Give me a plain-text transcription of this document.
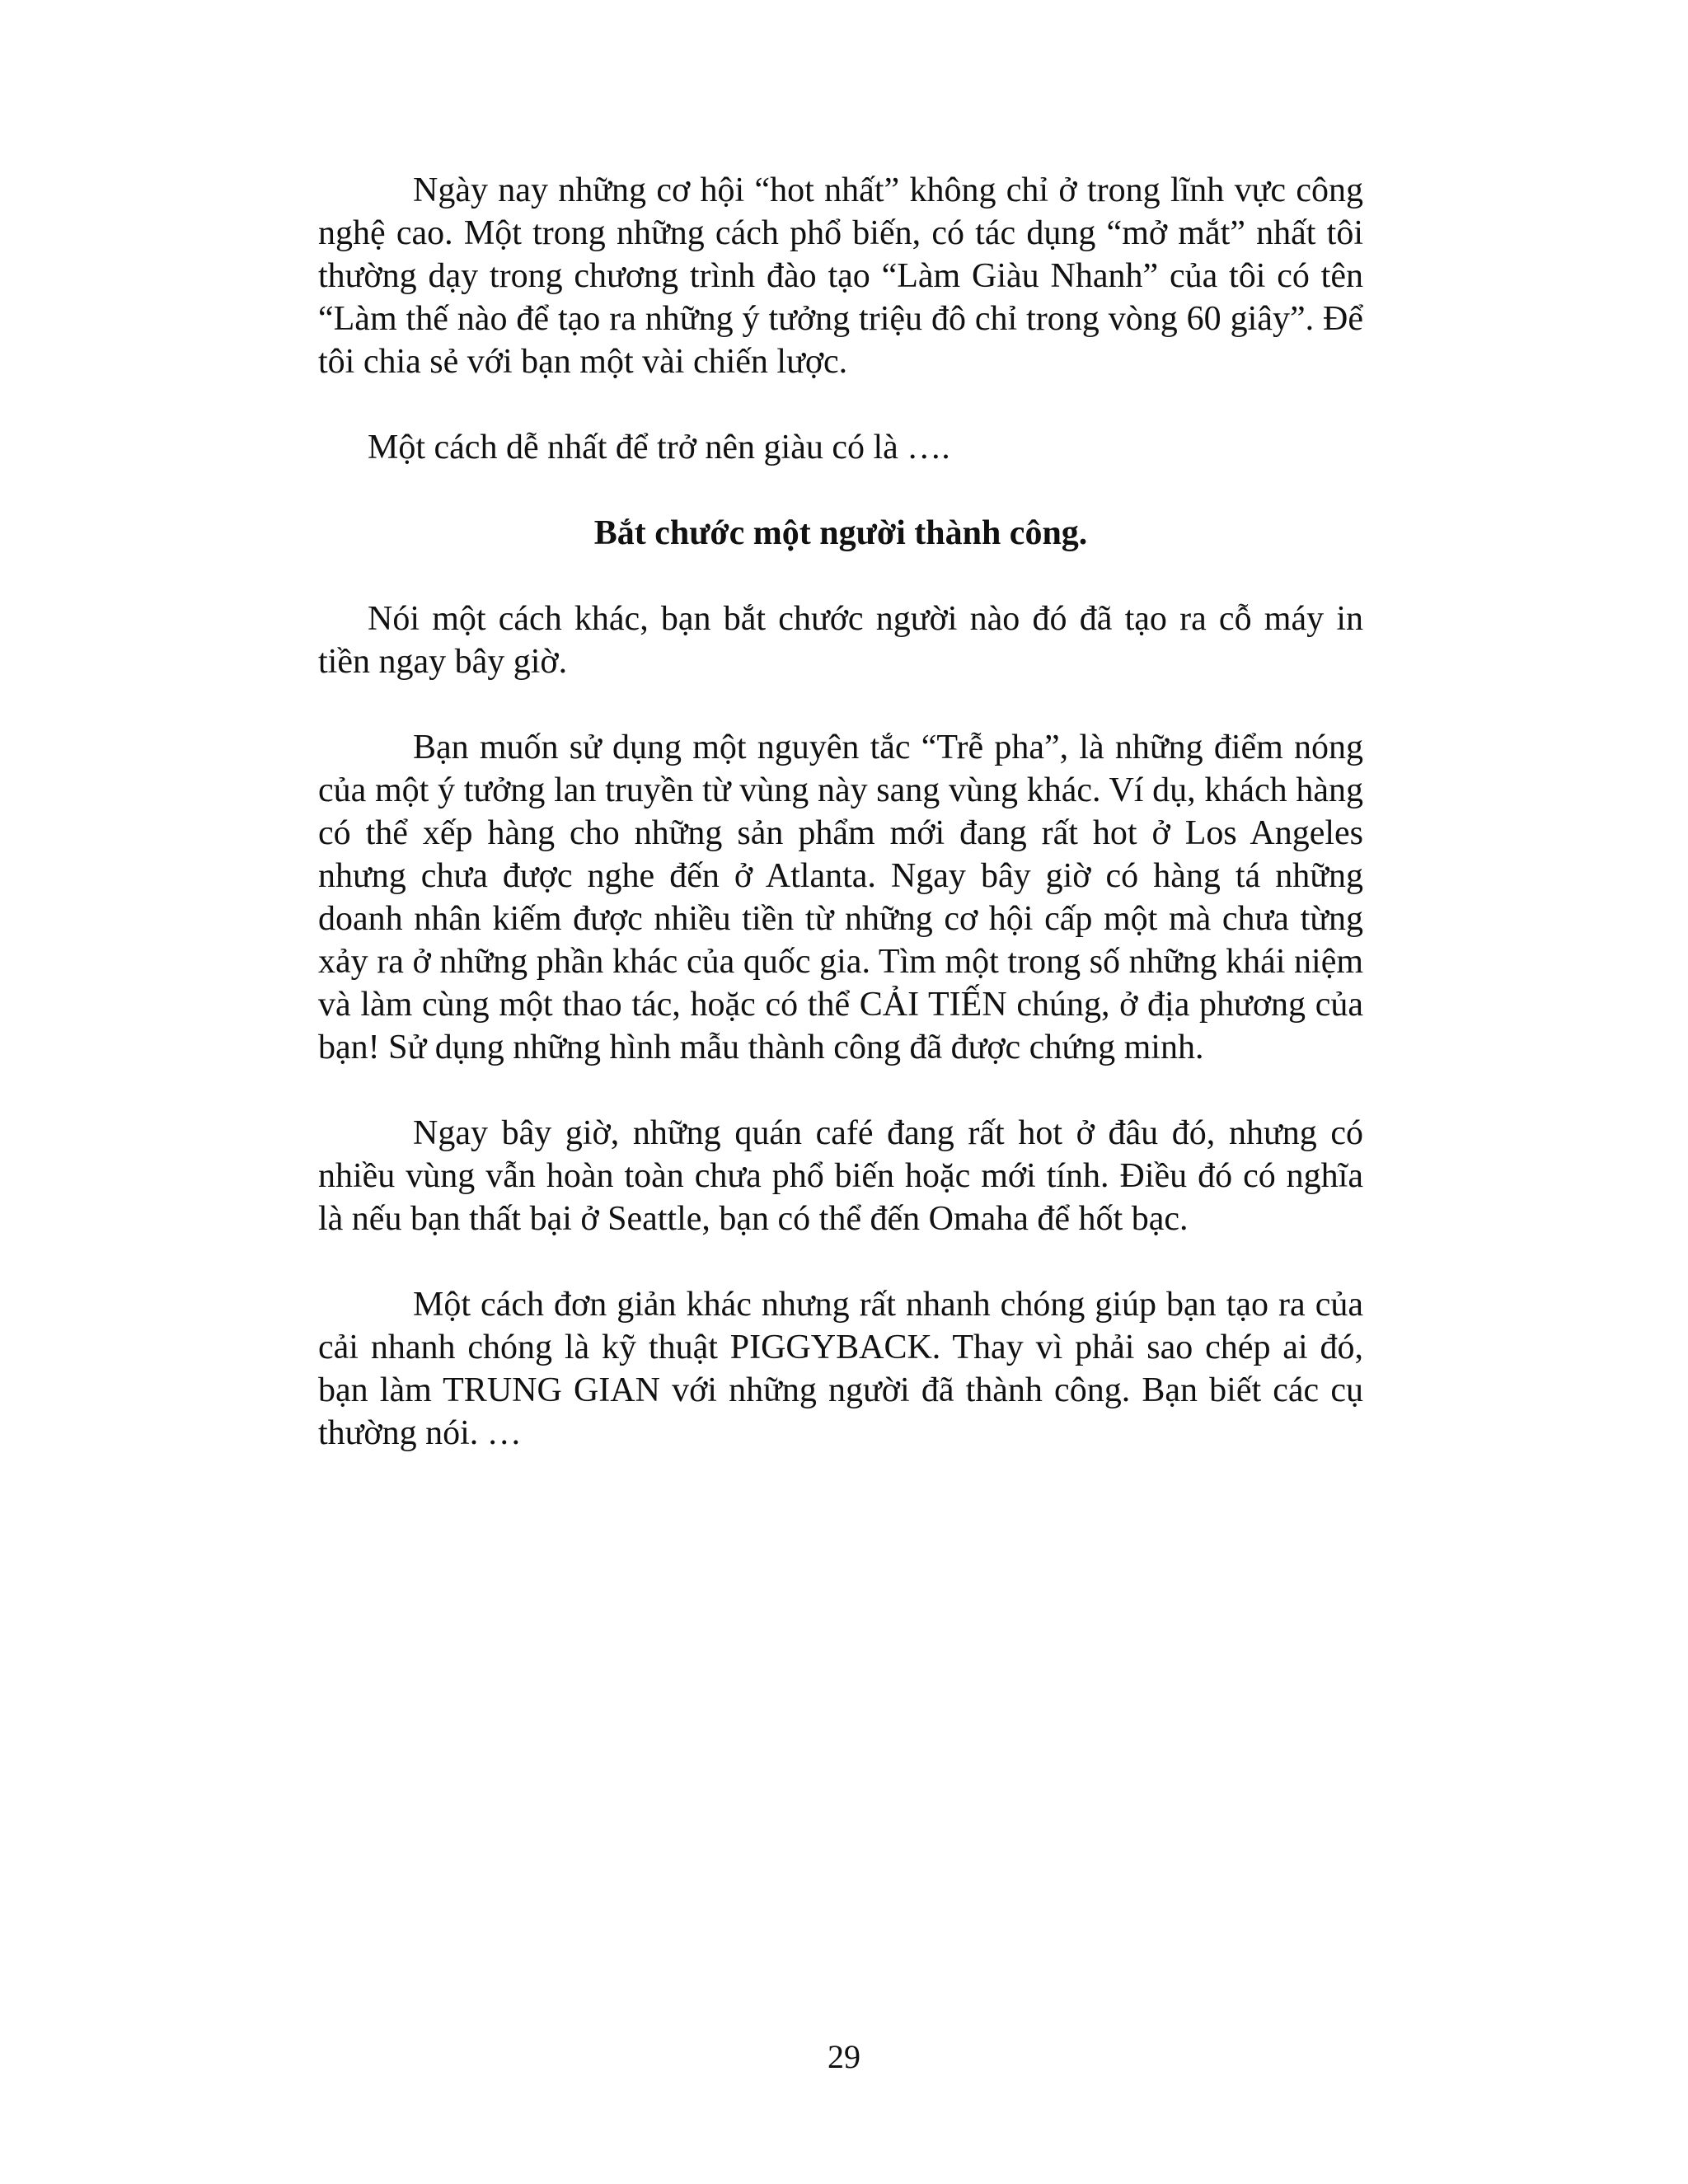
Ngày nay những cơ hội “hot nhất” không chỉ ở trong lĩnh vực công nghệ cao. Một trong những cách phổ biến, có tác dụng “mở mắt” nhất tôi thường dạy trong chương trình đào tạo “Làm Giàu Nhanh” của tôi có tên “Làm thế nào để tạo ra những ý tưởng triệu đô chỉ trong vòng 60 giây”. Để tôi chia sẻ với bạn một vài chiến lược.

Một cách dễ nhất để trở nên giàu có là ….

Bắt chước một người thành công.

Nói một cách khác, bạn bắt chước người nào đó đã tạo ra cỗ máy in tiền ngay bây giờ.

Bạn muốn sử dụng một nguyên tắc “Trễ pha”, là những điểm nóng của một ý tưởng lan truyền từ vùng này sang vùng khác. Ví dụ, khách hàng có thể xếp hàng cho những sản phẩm mới đang rất hot ở Los Angeles nhưng chưa được nghe đến ở Atlanta. Ngay bây giờ có hàng tá những doanh nhân kiếm được nhiều tiền từ những cơ hội cấp một mà chưa từng xảy ra ở những phần khác của quốc gia. Tìm một trong số những khái niệm và làm cùng một thao tác, hoặc có thể CẢI TIẾN chúng, ở địa phương của bạn! Sử dụng những hình mẫu thành công đã được chứng minh.

Ngay bây giờ, những quán café đang rất hot ở đâu đó, nhưng có nhiều vùng vẫn hoàn toàn chưa phổ biến hoặc mới tính. Điều đó có nghĩa là nếu bạn thất bại ở Seattle, bạn có thể đến Omaha để hốt bạc.

Một cách đơn giản khác nhưng rất nhanh chóng giúp bạn tạo ra của cải nhanh chóng là kỹ thuật PIGGYBACK. Thay vì phải sao chép ai đó, bạn làm TRUNG GIAN với những người đã thành công. Bạn biết các cụ thường nói. …

29
